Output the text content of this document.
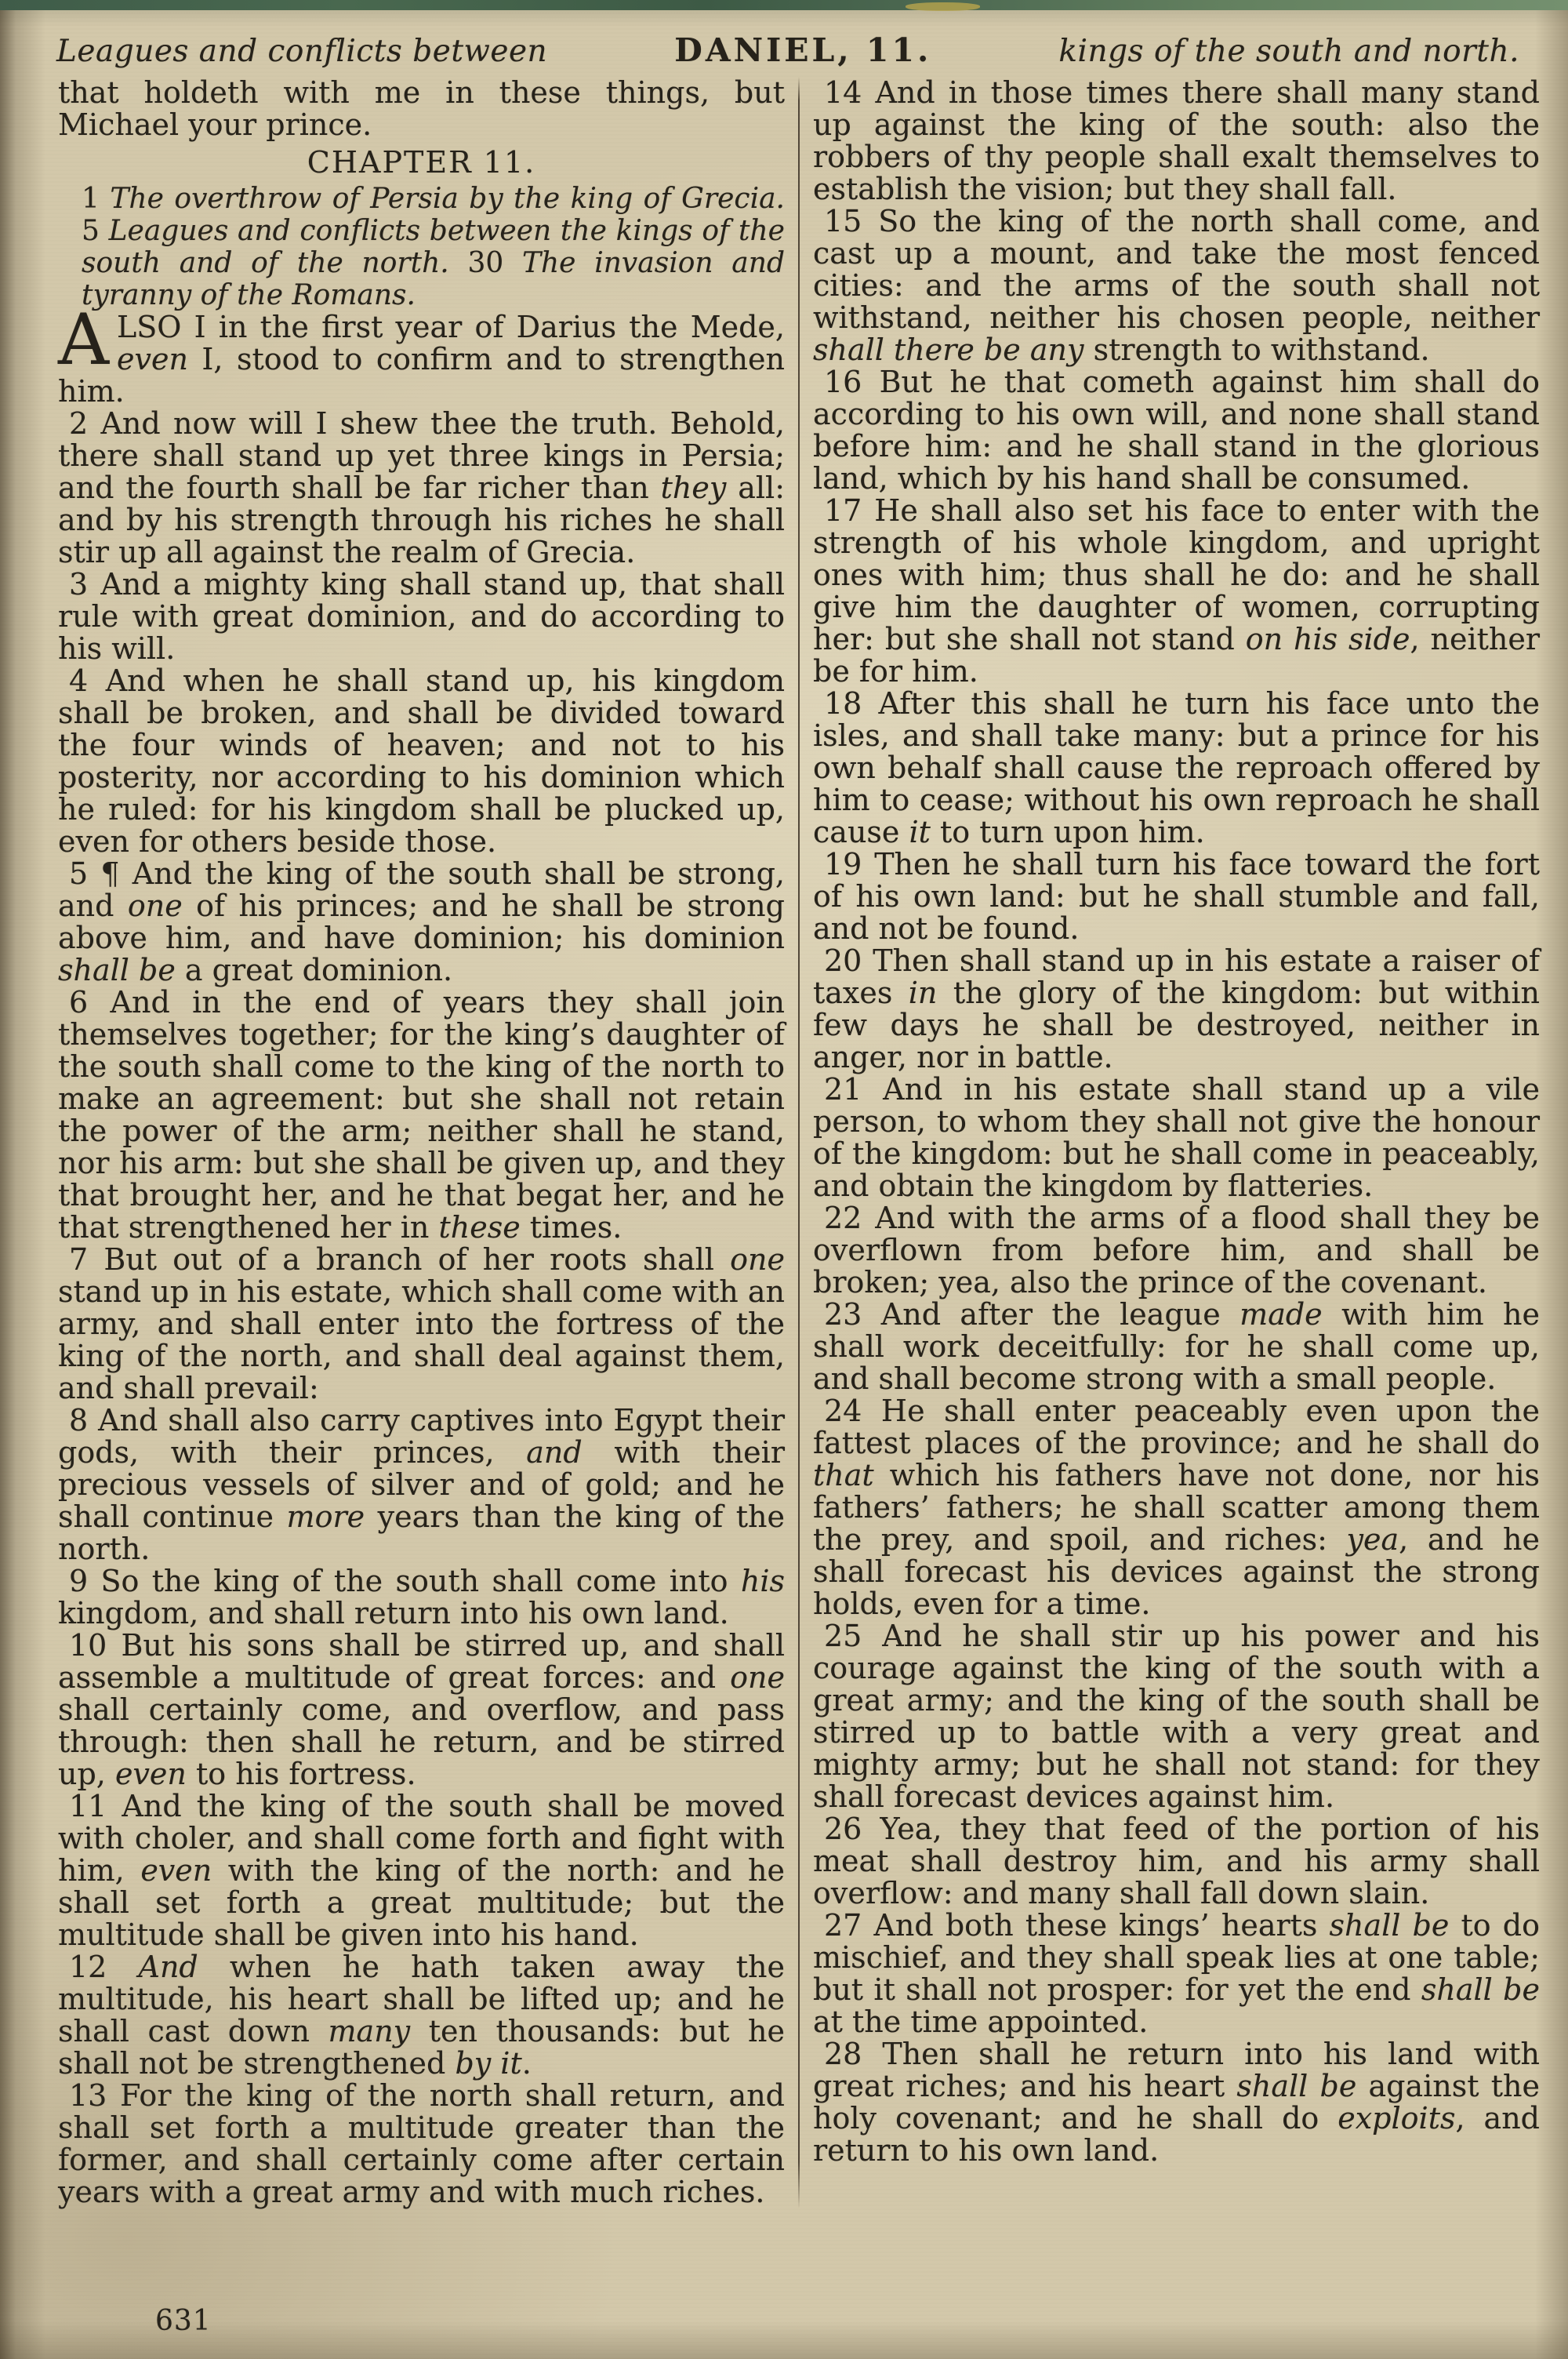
Leagues and conflicts between	DANIEL, 11.	kings of the south and north.

that holdeth with me in these things, but Michael your prince.

CHAPTER 11.

1 The overthrow of Persia by the king of Grecia. 5 Leagues and conflicts between the kings of the south and of the north. 30 The invasion and tyranny of the Romans.

ALSO I in the first year of Darius the Mede, even I, stood to confirm and to strengthen him.

2 And now will I shew thee the truth. Behold, there shall stand up yet three kings in Persia; and the fourth shall be far richer than they all: and by his strength through his riches he shall stir up all against the realm of Grecia.

3 And a mighty king shall stand up, that shall rule with great dominion, and do according to his will.

4 And when he shall stand up, his kingdom shall be broken, and shall be divided toward the four winds of heaven; and not to his posterity, nor according to his dominion which he ruled: for his kingdom shall be plucked up, even for others beside those.

5 ¶ And the king of the south shall be strong, and one of his princes; and he shall be strong above him, and have dominion; his dominion shall be a great dominion.

6 And in the end of years they shall join themselves together; for the king’s daughter of the south shall come to the king of the north to make an agreement: but she shall not retain the power of the arm; neither shall he stand, nor his arm: but she shall be given up, and they that brought her, and he that begat her, and he that strengthened her in these times.

7 But out of a branch of her roots shall one stand up in his estate, which shall come with an army, and shall enter into the fortress of the king of the north, and shall deal against them, and shall prevail:

8 And shall also carry captives into Egypt their gods, with their princes, and with their precious vessels of silver and of gold; and he shall continue more years than the king of the north.

9 So the king of the south shall come into his kingdom, and shall return into his own land.

10 But his sons shall be stirred up, and shall assemble a multitude of great forces: and one shall certainly come, and overflow, and pass through: then shall he return, and be stirred up, even to his fortress.

11 And the king of the south shall be moved with choler, and shall come forth and fight with him, even with the king of the north: and he shall set forth a great multitude; but the multitude shall be given into his hand.

12 And when he hath taken away the multitude, his heart shall be lifted up; and he shall cast down many ten thousands: but he shall not be strengthened by it.

13 For the king of the north shall return, and shall set forth a multitude greater than the former, and shall certainly come after certain years with a great army and with much riches.

14 And in those times there shall many stand up against the king of the south: also the robbers of thy people shall exalt themselves to establish the vision; but they shall fall.

15 So the king of the north shall come, and cast up a mount, and take the most fenced cities: and the arms of the south shall not withstand, neither his chosen people, neither shall there be any strength to withstand.

16 But he that cometh against him shall do according to his own will, and none shall stand before him: and he shall stand in the glorious land, which by his hand shall be consumed.

17 He shall also set his face to enter with the strength of his whole kingdom, and upright ones with him; thus shall he do: and he shall give him the daughter of women, corrupting her: but she shall not stand on his side, neither be for him.

18 After this shall he turn his face unto the isles, and shall take many: but a prince for his own behalf shall cause the reproach offered by him to cease; without his own reproach he shall cause it to turn upon him.

19 Then he shall turn his face toward the fort of his own land: but he shall stumble and fall, and not be found.

20 Then shall stand up in his estate a raiser of taxes in the glory of the kingdom: but within few days he shall be destroyed, neither in anger, nor in battle.

21 And in his estate shall stand up a vile person, to whom they shall not give the honour of the kingdom: but he shall come in peaceably, and obtain the kingdom by flatteries.

22 And with the arms of a flood shall they be overflown from before him, and shall be broken; yea, also the prince of the covenant.

23 And after the league made with him he shall work deceitfully: for he shall come up, and shall become strong with a small people.

24 He shall enter peaceably even upon the fattest places of the province; and he shall do that which his fathers have not done, nor his fathers’ fathers; he shall scatter among them the prey, and spoil, and riches: yea, and he shall forecast his devices against the strong holds, even for a time.

25 And he shall stir up his power and his courage against the king of the south with a great army; and the king of the south shall be stirred up to battle with a very great and mighty army; but he shall not stand: for they shall forecast devices against him.

26 Yea, they that feed of the portion of his meat shall destroy him, and his army shall overflow: and many shall fall down slain.

27 And both these kings’ hearts shall be to do mischief, and they shall speak lies at one table; but it shall not prosper: for yet the end shall be at the time appointed.

28 Then shall he return into his land with great riches; and his heart shall be against the holy covenant; and he shall do exploits, and return to his own land.

631
